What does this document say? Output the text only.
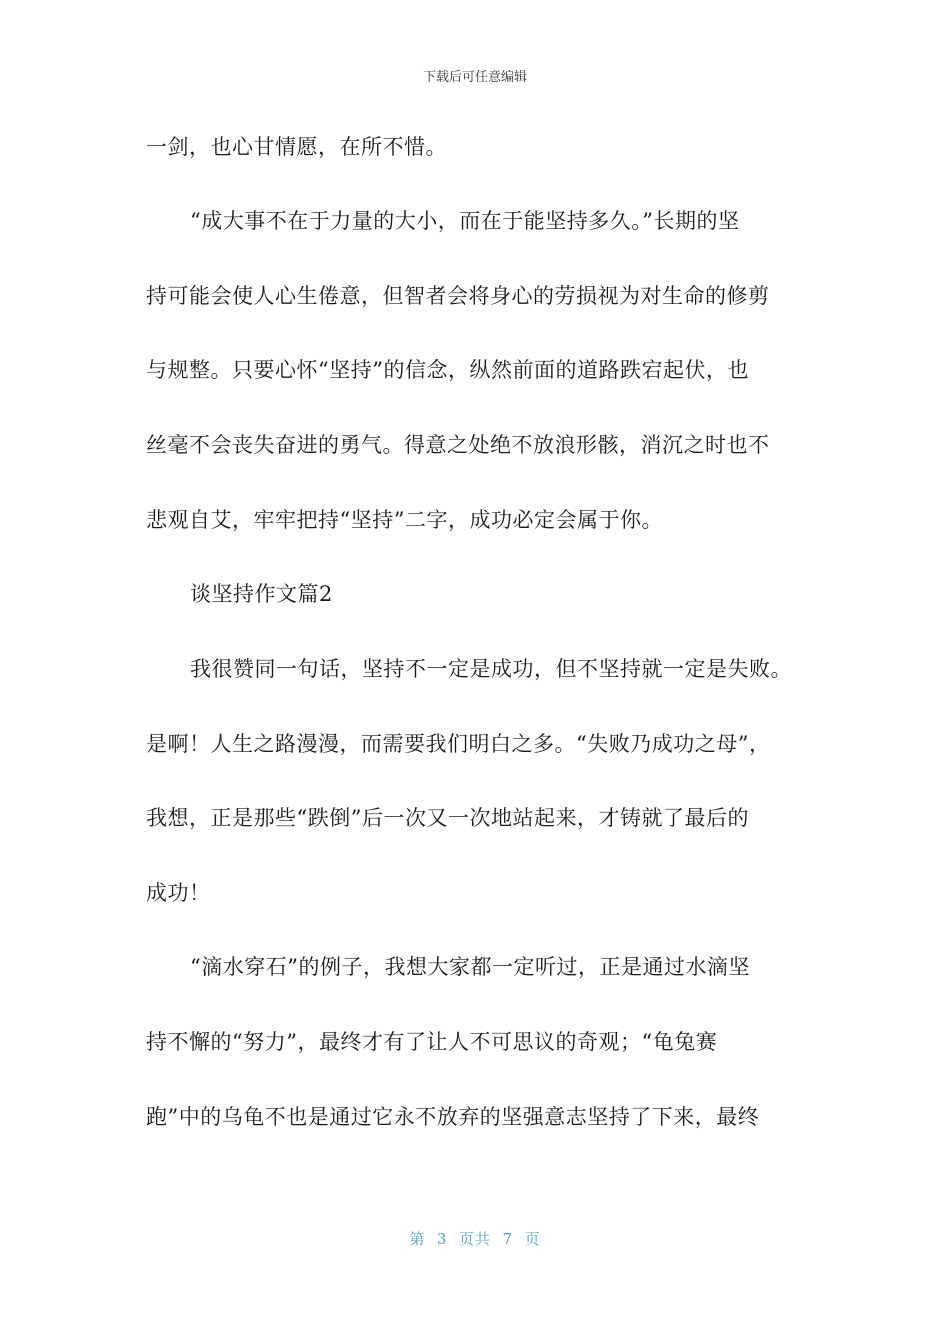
下载后可任意编辑
一剑，也心甘情愿，在所不惜。
“成大事不在于力量的大小，而在于能坚持多久。”长期的坚
持可能会使人心生倦意，但智者会将身心的劳损视为对生命的修剪
与规整。只要心怀“坚持”的信念，纵然前面的道路跌宕起伏，也
丝毫不会丧失奋进的勇气。得意之处绝不放浪形骸，消沉之时也不
悲观自艾，牢牢把持“坚持”二字，成功必定会属于你。
谈坚持作文篇2
我很赞同一句话，坚持不一定是成功，但不坚持就一定是失败。
是啊！人生之路漫漫，而需要我们明白之多。“失败乃成功之母”，
我想，正是那些“跌倒”后一次又一次地站起来，才铸就了最后的
成功！
“滴水穿石”的例子，我想大家都一定听过，正是通过水滴坚
持不懈的“努力”，最终才有了让人不可思议的奇观；“龟兔赛
跑”中的乌龟不也是通过它永不放弃的坚强意志坚持了下来，最终
第  3  页共  7  页
